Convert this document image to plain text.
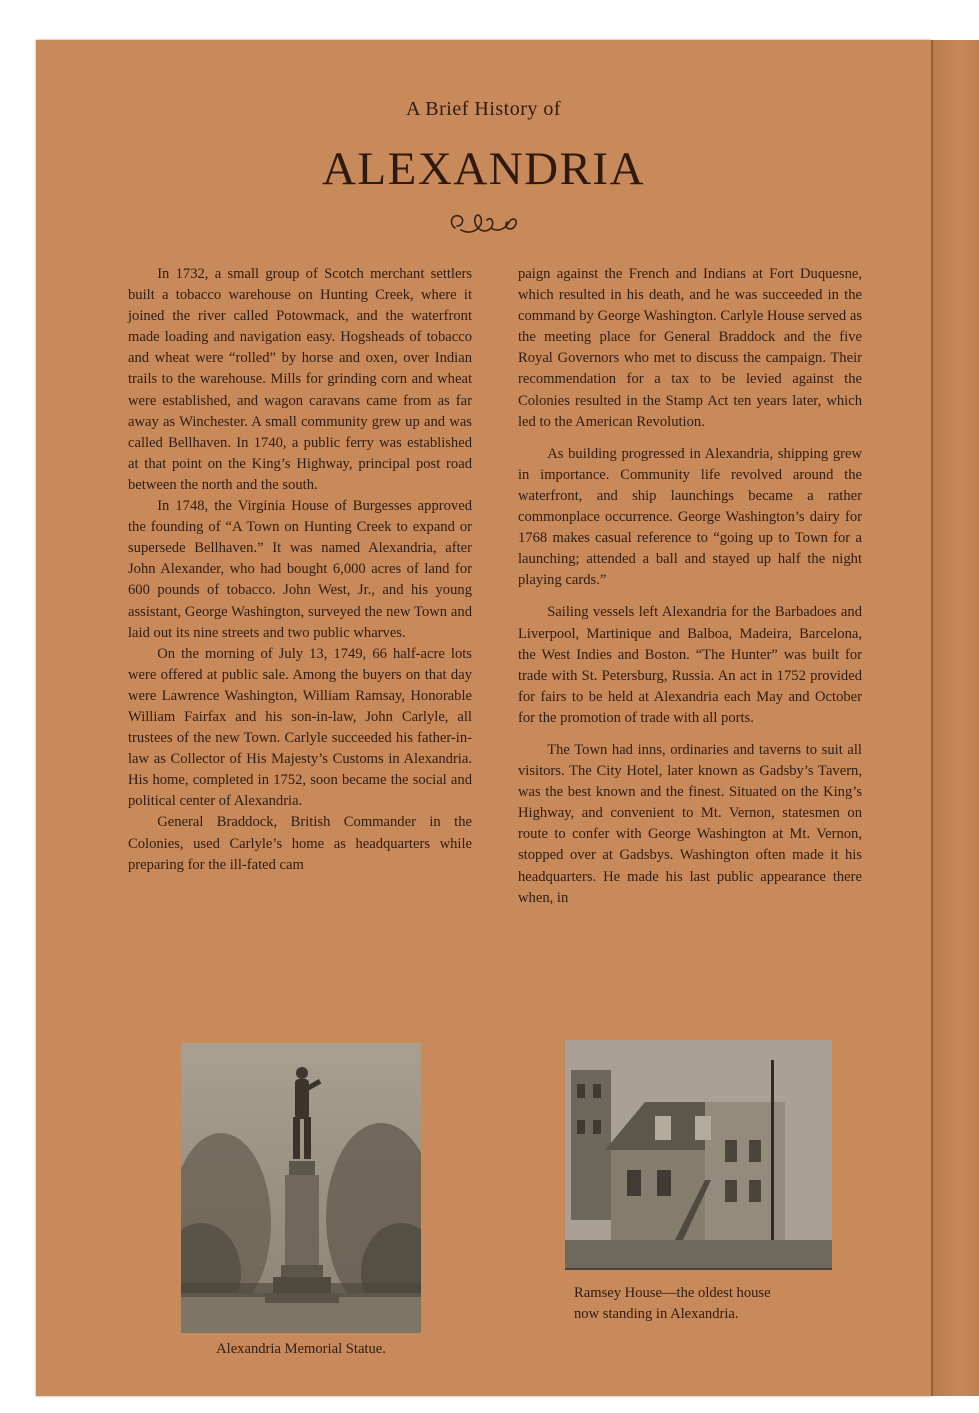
A Brief History of
ALEXANDRIA

In 1732, a small group of Scotch merchant settlers built a tobacco warehouse on Hunting Creek, where it joined the river called Potowmack, and the waterfront made loading and navigation easy. Hogsheads of tobacco and wheat were “rolled” by horse and oxen, over Indian trails to the warehouse. Mills for grinding corn and wheat were established, and wagon caravans came from as far away as Winchester. A small community grew up and was called Bellhaven. In 1740, a public ferry was established at that point on the King’s Highway, principal post road between the north and the south.

In 1748, the Virginia House of Burgesses approved the founding of “A Town on Hunting Creek to expand or supersede Bellhaven.” It was named Alexandria, after John Alexander, who had bought 6,000 acres of land for 600 pounds of tobacco. John West, Jr., and his young assistant, George Washington, surveyed the new Town and laid out its nine streets and two public wharves.

On the morning of July 13, 1749, 66 half-acre lots were offered at public sale. Among the buyers on that day were Lawrence Washington, William Ramsay, Honorable William Fairfax and his son-in-law, John Carlyle, all trustees of the new Town. Carlyle succeeded his father-in-law as Collector of His Majesty’s Customs in Alexandria. His home, completed in 1752, soon became the social and political center of Alexandria.

General Braddock, British Commander in the Colonies, used Carlyle’s home as headquarters while preparing for the ill-fated cam

paign against the French and Indians at Fort Duquesne, which resulted in his death, and he was succeeded in the command by George Washington. Carlyle House served as the meeting place for General Braddock and the five Royal Governors who met to discuss the campaign. Their recommendation for a tax to be levied against the Colonies resulted in the Stamp Act ten years later, which led to the American Revolution.

As building progressed in Alexandria, shipping grew in importance. Community life revolved around the waterfront, and ship launchings became a rather commonplace occurrence. George Washington’s dairy for 1768 makes casual reference to “going up to Town for a launching; attended a ball and stayed up half the night playing cards.”

Sailing vessels left Alexandria for the Barbadoes and Liverpool, Martinique and Balboa, Madeira, Barcelona, the West Indies and Boston. “The Hunter” was built for trade with St. Petersburg, Russia. An act in 1752 provided for fairs to be held at Alexandria each May and October for the promotion of trade with all ports.

The Town had inns, ordinaries and taverns to suit all visitors. The City Hotel, later known as Gadsby’s Tavern, was the best known and the finest. Situated on the King’s Highway, and convenient to Mt. Vernon, statesmen on route to confer with George Washington at Mt. Vernon, stopped over at Gadsbys. Washington often made it his headquarters. He made his last public appearance there when, in

Alexandria Memorial Statue.
Ramsey House—the oldest house
now standing in Alexandria.
